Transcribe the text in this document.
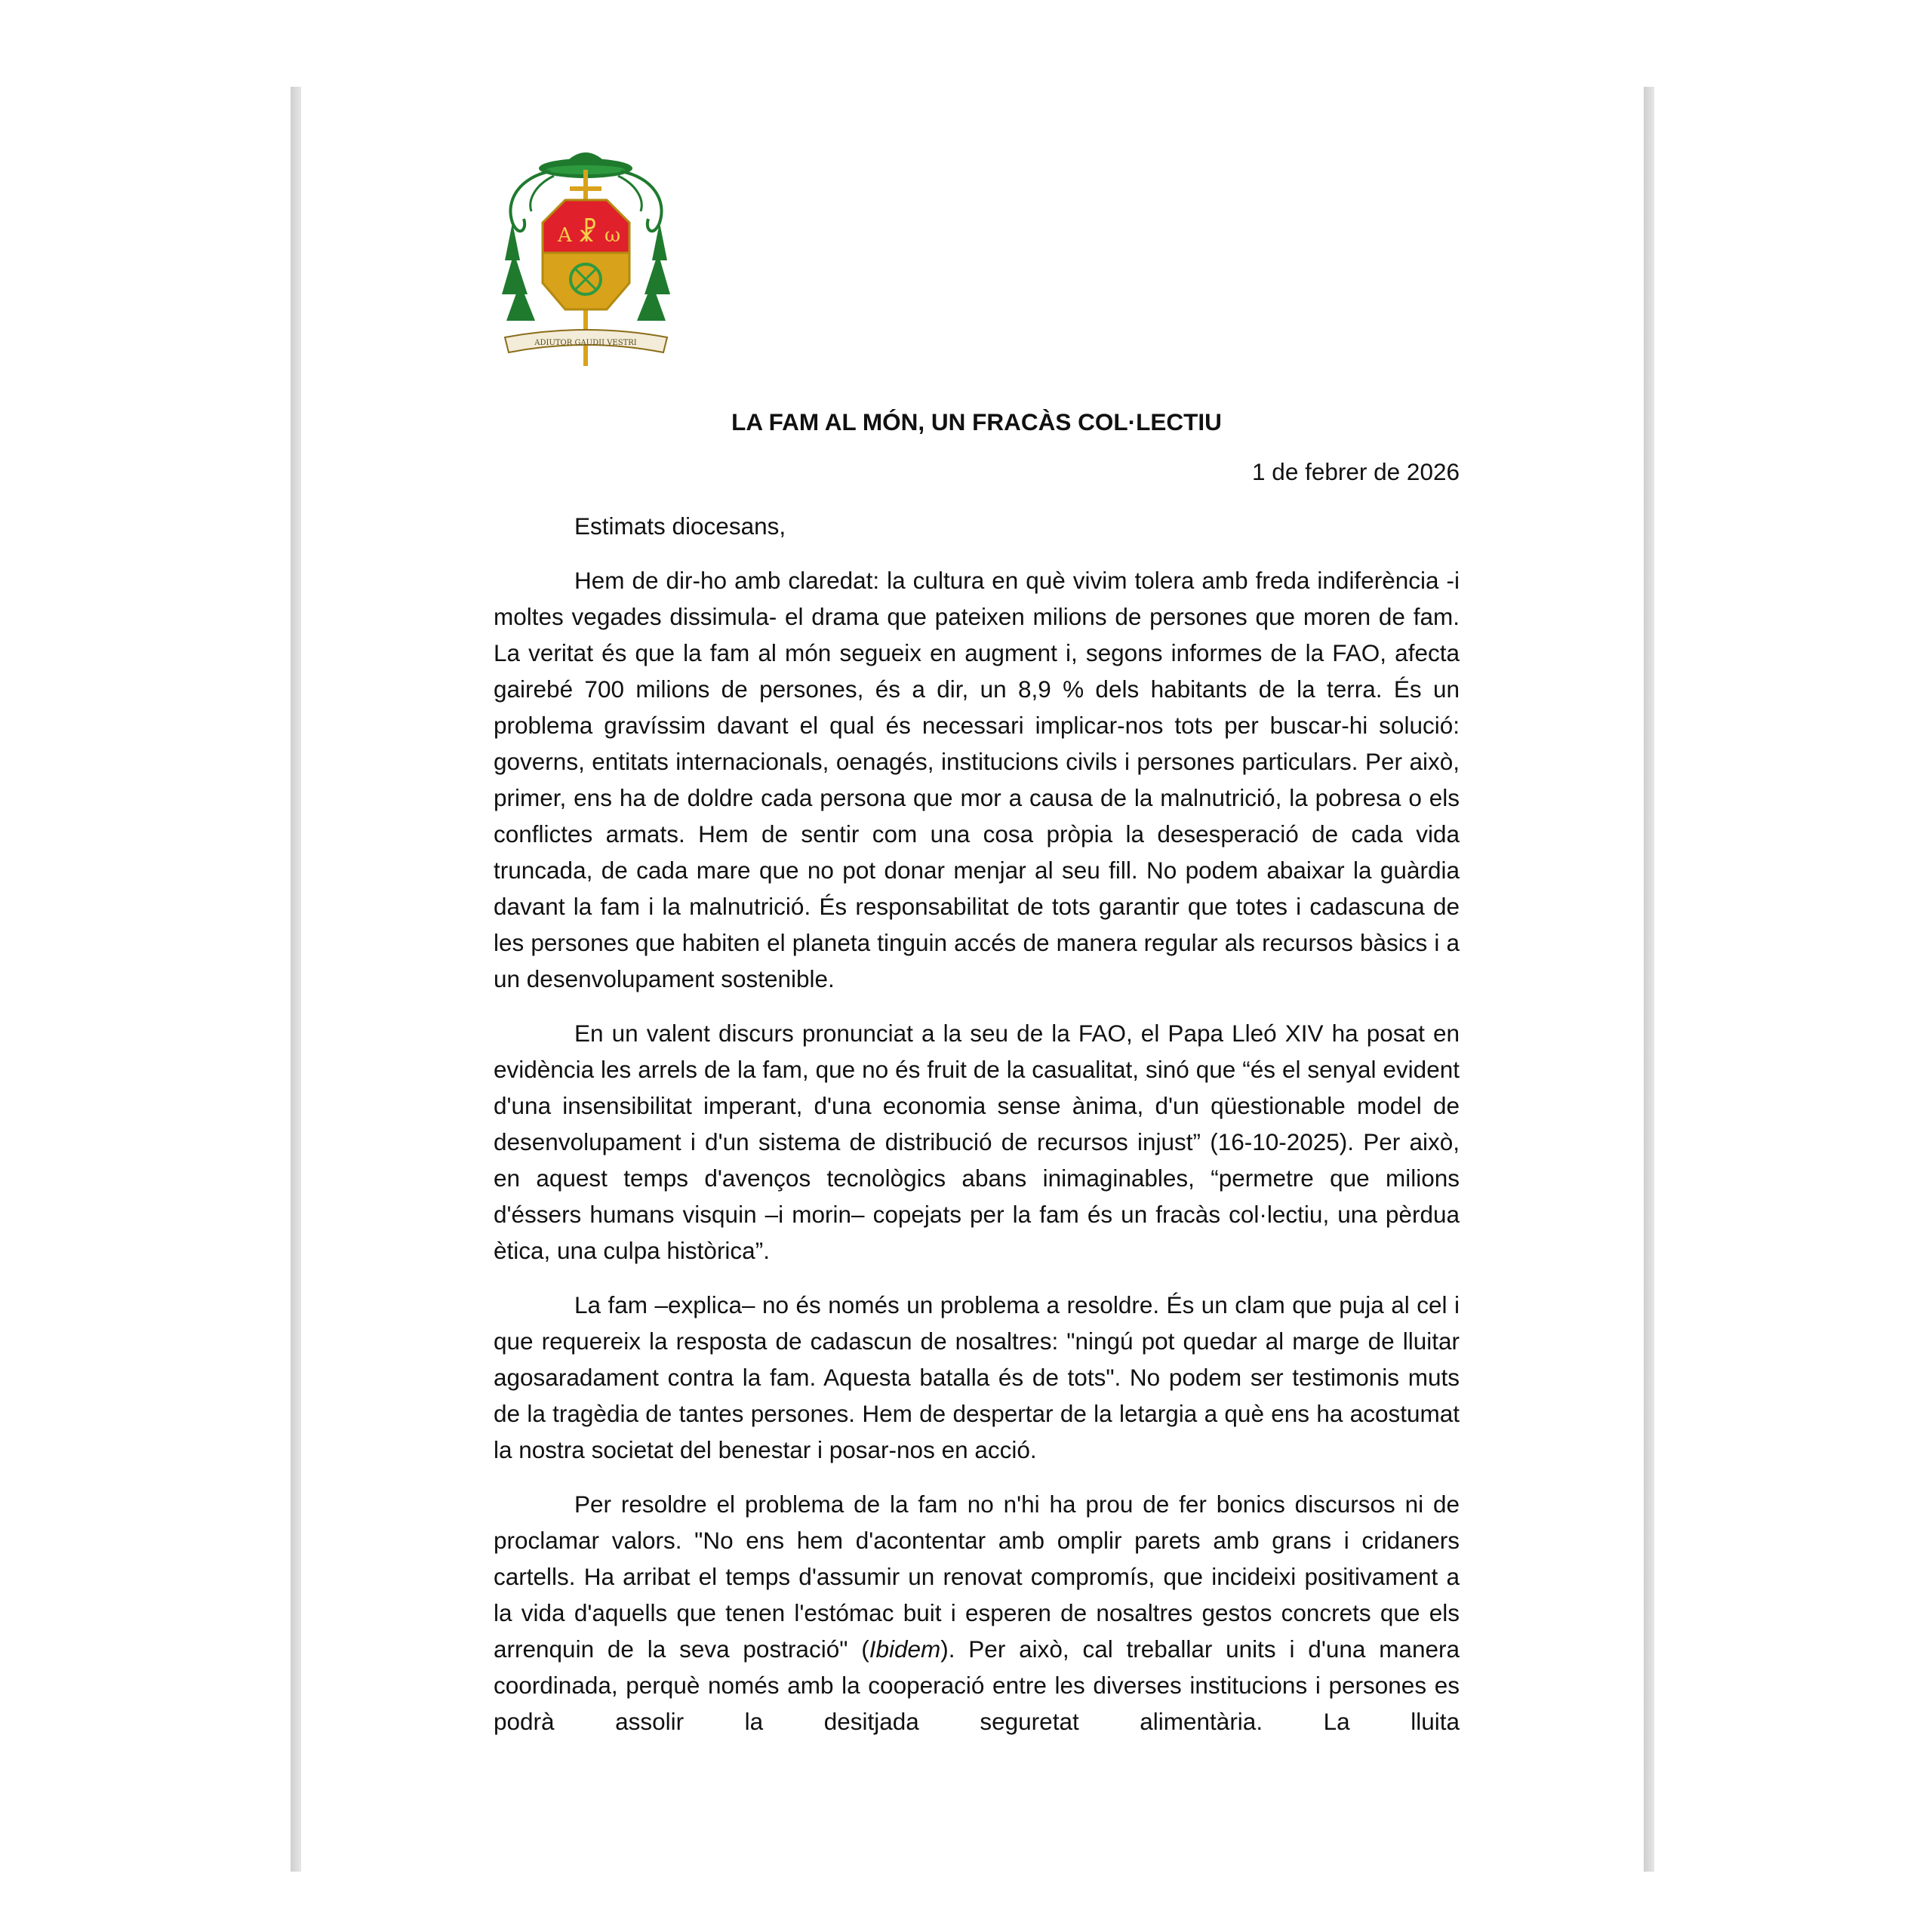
A ☧ ω
ADIUTOR GAUDII VESTRI

LA FAM AL MÓN, UN FRACÀS COL·LECTIU

1 de febrer de 2026

Estimats diocesans,

Hem de dir-ho amb claredat: la cultura en què vivim tolera amb freda indiferència -i moltes vegades dissimula- el drama que pateixen milions de persones que moren de fam. La veritat és que la fam al món segueix en augment i, segons informes de la FAO, afecta gairebé 700 milions de persones, és a dir, un 8,9 % dels habitants de la terra. És un problema gravíssim davant el qual és necessari implicar-nos tots per buscar-hi solució: governs, entitats internacionals, oenagés, institucions civils i persones particulars. Per això, primer, ens ha de doldre cada persona que mor a causa de la malnutrició, la pobresa o els conflictes armats. Hem de sentir com una cosa pròpia la desesperació de cada vida truncada, de cada mare que no pot donar menjar al seu fill. No podem abaixar la guàrdia davant la fam i la malnutrició. És responsabilitat de tots garantir que totes i cadascuna de les persones que habiten el planeta tinguin accés de manera regular als recursos bàsics i a un desenvolupament sostenible.

En un valent discurs pronunciat a la seu de la FAO, el Papa Lleó XIV ha posat en evidència les arrels de la fam, que no és fruit de la casualitat, sinó que “és el senyal evident d'una insensibilitat imperant, d'una economia sense ànima, d'un qüestionable model de desenvolupament i d'un sistema de distribució de recursos injust” (16-10-2025). Per això, en aquest temps d'avenços tecnològics abans inimaginables, “permetre que milions d'éssers humans visquin –i morin– copejats per la fam és un fracàs col·lectiu, una pèrdua ètica, una culpa històrica”.

La fam –explica– no és només un problema a resoldre. És un clam que puja al cel i que requereix la resposta de cadascun de nosaltres: "ningú pot quedar al marge de lluitar agosaradament contra la fam. Aquesta batalla és de tots". No podem ser testimonis muts de la tragèdia de tantes persones. Hem de despertar de la letargia a què ens ha acostumat la nostra societat del benestar i posar-nos en acció.

Per resoldre el problema de la fam no n'hi ha prou de fer bonics discursos ni de proclamar valors. "No ens hem d'acontentar amb omplir parets amb grans i cridaners cartells. Ha arribat el temps d'assumir un renovat compromís, que incideixi positivament a la vida d'aquells que tenen l'estómac buit i esperen de nosaltres gestos concrets que els arrenquin de la seva postració" (Ibidem). Per això, cal treballar units i d'una manera coordinada, perquè només amb la cooperació entre les diverses institucions i persones es podrà assolir la desitjada seguretat alimentària. La lluita
